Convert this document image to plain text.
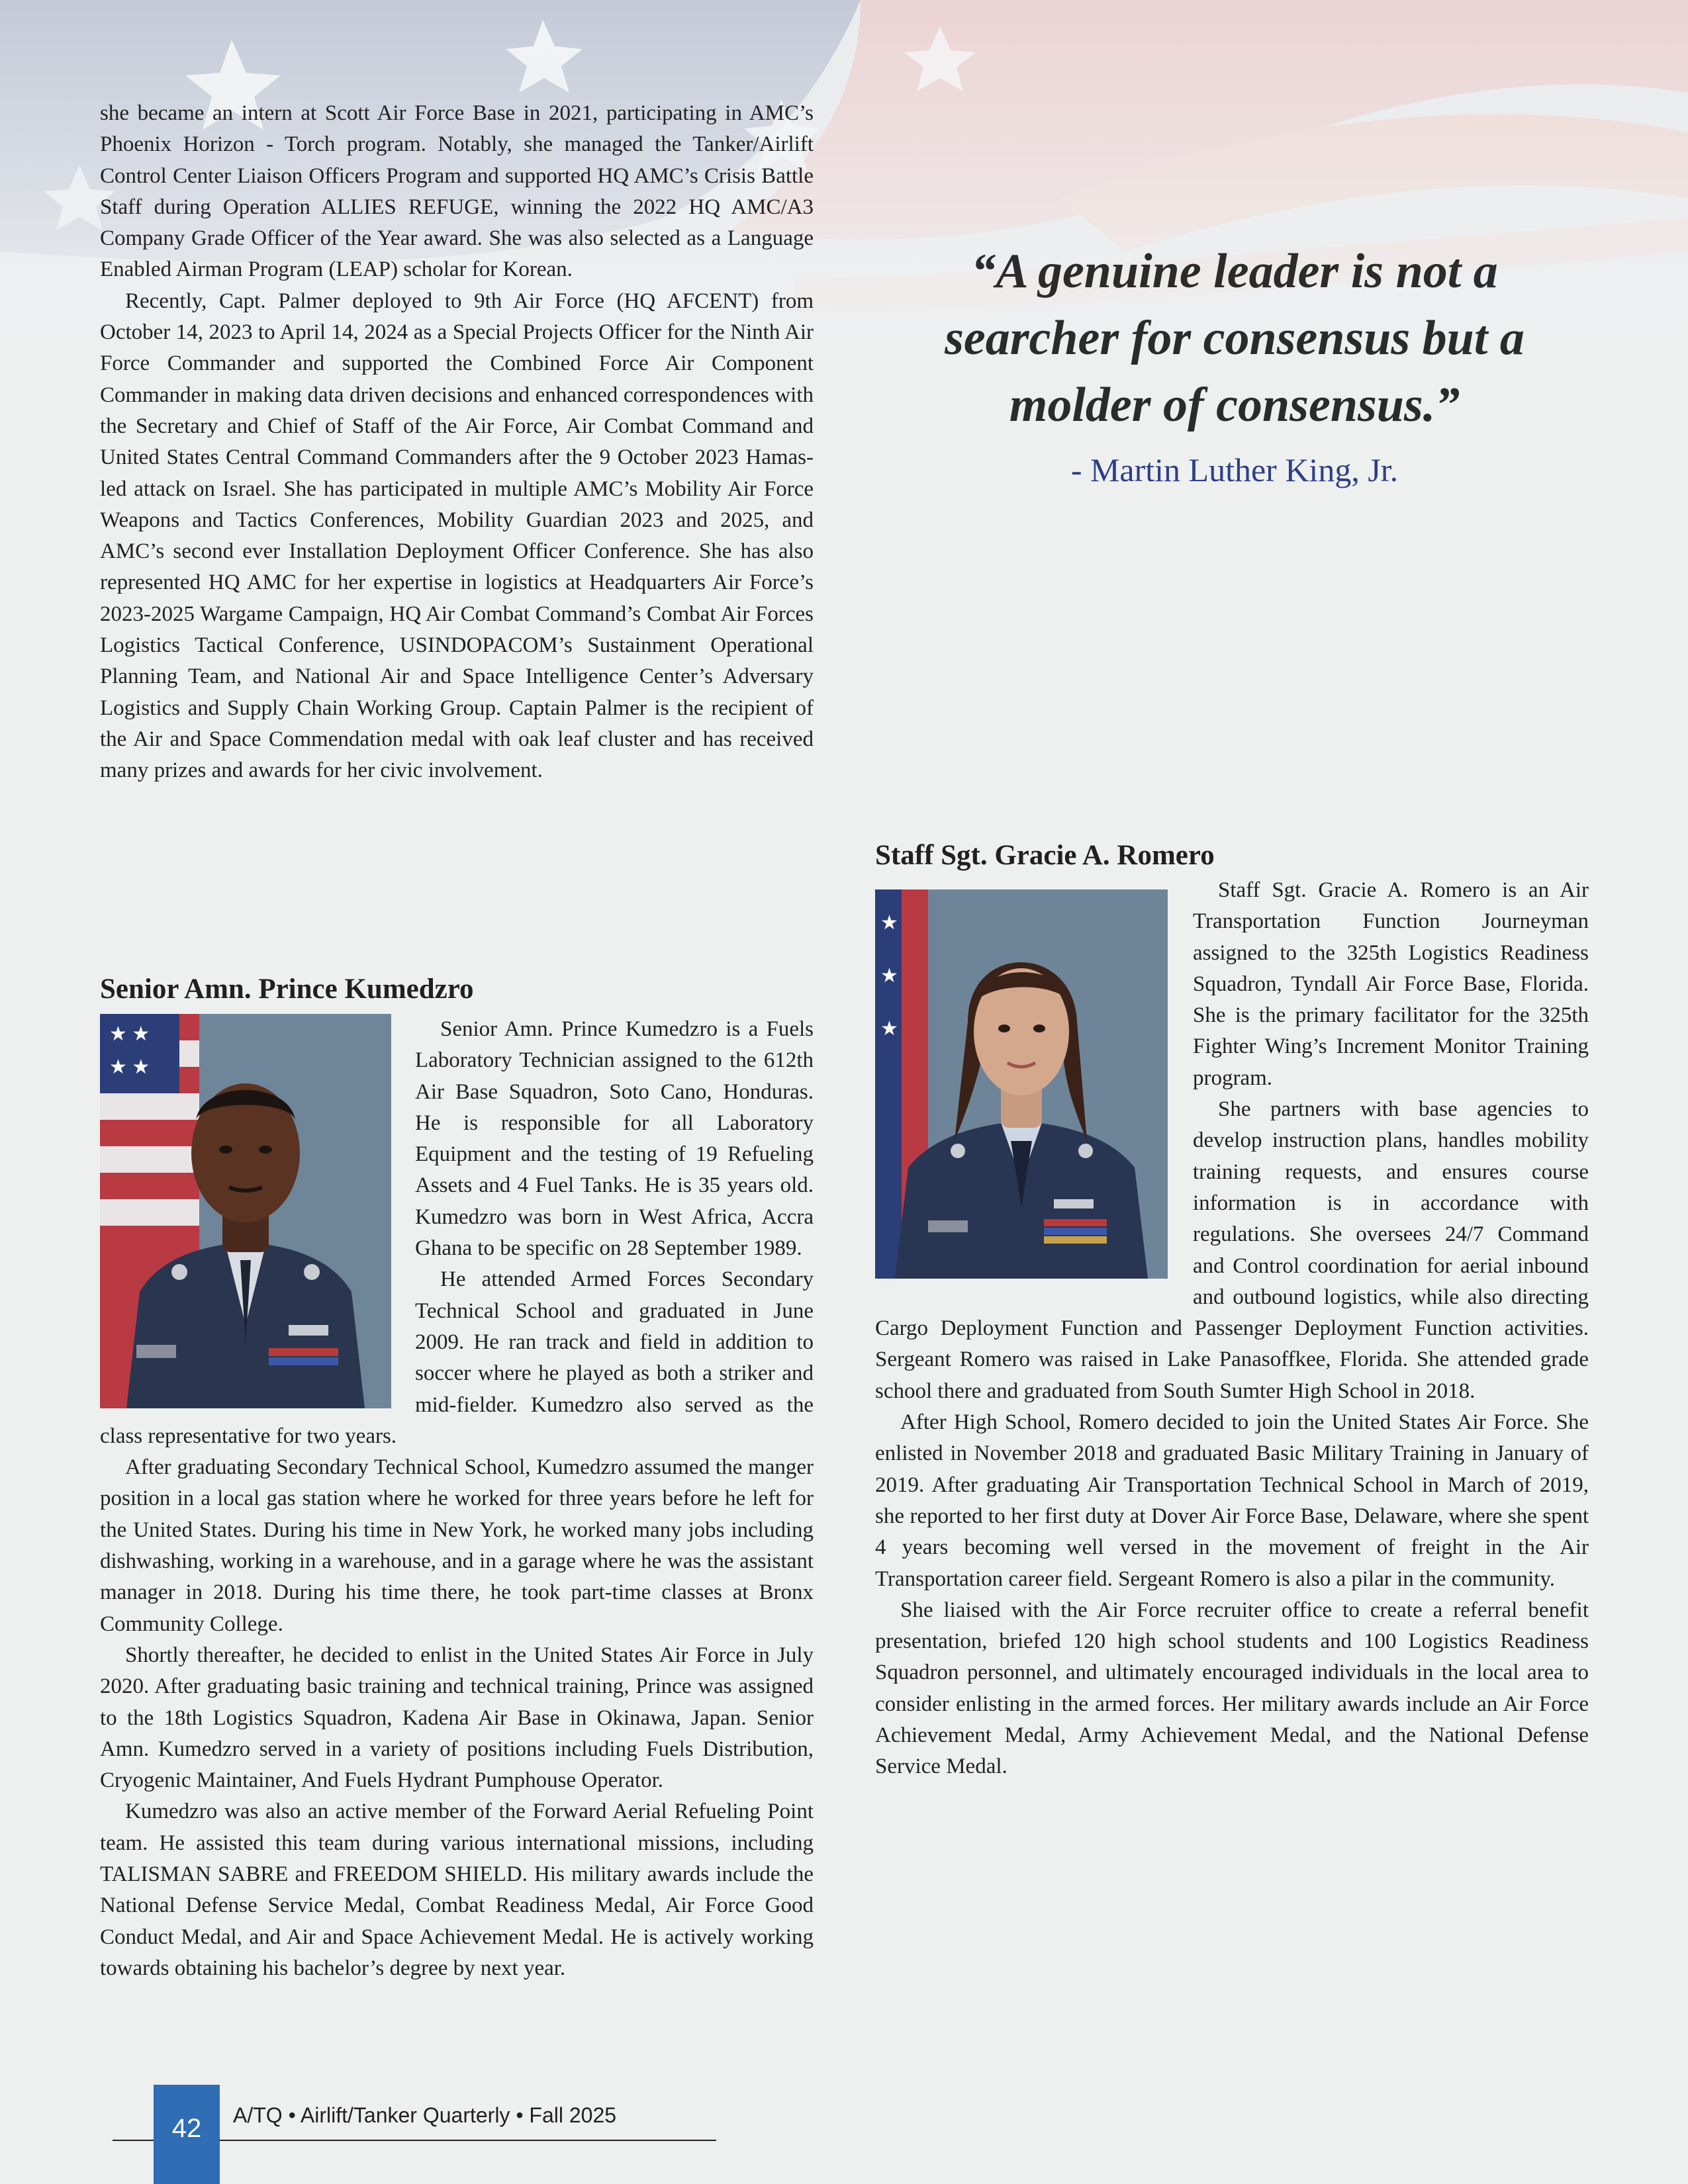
she became an intern at Scott Air Force Base in 2021, participating in AMC’s Phoenix Horizon - Torch program. Notably, she managed the Tanker/Airlift Control Center Liaison Officers Program and supported HQ AMC’s Crisis Battle Staff during Operation ALLIES REFUGE, winning the 2022 HQ AMC/A3 Company Grade Officer of the Year award. She was also selected as a Language Enabled Airman Program (LEAP) scholar for Korean.

Recently, Capt. Palmer deployed to 9th Air Force (HQ AFCENT) from October 14, 2023 to April 14, 2024 as a Special Projects Officer for the Ninth Air Force Commander and supported the Combined Force Air Component Commander in making data driven decisions and enhanced correspondences with the Secretary and Chief of Staff of the Air Force, Air Combat Command and United States Central Command Commanders after the 9 October 2023 Hamas-led attack on Israel. She has participated in multiple AMC’s Mobility Air Force Weapons and Tactics Conferences, Mobility Guardian 2023 and 2025, and AMC’s second ever Installation Deployment Officer Conference. She has also represented HQ AMC for her expertise in logistics at Headquarters Air Force’s 2023-2025 Wargame Campaign, HQ Air Combat Command’s Combat Air Forces Logistics Tactical Conference, USINDOPACOM’s Sustainment Operational Planning Team, and National Air and Space Intelligence Center’s Adversary Logistics and Supply Chain Working Group. Captain Palmer is the recipient of the Air and Space Commendation medal with oak leaf cluster and has received many prizes and awards for her civic involvement.

“A genuine leader is not a searcher for consensus but a molder of consensus.”

- Martin Luther King, Jr.
Senior Amn. Prince Kumedzro
★ ★
★ ★

Senior Amn. Prince Kumedzro is a Fuels Laboratory Technician assigned to the 612th Air Base Squadron, Soto Cano, Honduras. He is responsible for all Laboratory Equipment and the testing of 19 Refueling Assets and 4 Fuel Tanks. He is 35 years old. Kumedzro was born in West Africa, Accra Ghana to be specific on 28 September 1989.

He attended Armed Forces Secondary Technical School and graduated in June 2009. He ran track and field in addition to soccer where he played as both a striker and mid-fielder. Kumedzro also served as the class representative for two years.

After graduating Secondary Technical School, Kumedzro assumed the manger position in a local gas station where he worked for three years before he left for the United States. During his time in New York, he worked many jobs including dishwashing, working in a warehouse, and in a garage where he was the assistant manager in 2018. During his time there, he took part-time classes at Bronx Community College.

Shortly thereafter, he decided to enlist in the United States Air Force in July 2020. After graduating basic training and technical training, Prince was assigned to the 18th Logistics Squadron, Kadena Air Base in Okinawa, Japan. Senior Amn. Kumedzro served in a variety of positions including Fuels Distribution, Cryogenic Maintainer, And Fuels Hydrant Pumphouse Operator.

Kumedzro was also an active member of the Forward Aerial Refueling Point team. He assisted this team during various international missions, including TALISMAN SABRE and FREEDOM SHIELD. His military awards include the National Defense Service Medal, Combat Readiness Medal, Air Force Good Conduct Medal, and Air and Space Achievement Medal. He is actively working towards obtaining his bachelor’s degree by next year.

Staff Sgt. Gracie A. Romero
★
★
★

Staff Sgt. Gracie A. Romero is an Air Transportation Function Journeyman assigned to the 325th Logistics Readiness Squadron, Tyndall Air Force Base, Florida. She is the primary facilitator for the 325th Fighter Wing’s Increment Monitor Training program.

She partners with base agencies to develop instruction plans, handles mobility training requests, and ensures course information is in accordance with regulations. She oversees 24/7 Command and Control coordination for aerial inbound and outbound logistics, while also directing Cargo Deployment Function and Passenger Deployment Function activities. Sergeant Romero was raised in Lake Panasoffkee, Florida. She attended grade school there and graduated from South Sumter High School in 2018.

After High School, Romero decided to join the United States Air Force. She enlisted in November 2018 and graduated Basic Military Training in January of 2019. After graduating Air Transportation Technical School in March of 2019, she reported to her first duty at Dover Air Force Base, Delaware, where she spent 4 years becoming well versed in the movement of freight in the Air Transportation career field. Sergeant Romero is also a pilar in the community.

She liaised with the Air Force recruiter office to create a referral benefit presentation, briefed 120 high school students and 100 Logistics Readiness Squadron personnel, and ultimately encouraged individuals in the local area to consider enlisting in the armed forces. Her military awards include an Air Force Achievement Medal, Army Achievement Medal, and the National Defense Service Medal.

42	A/TQ • Airlift/Tanker Quarterly • Fall 2025
